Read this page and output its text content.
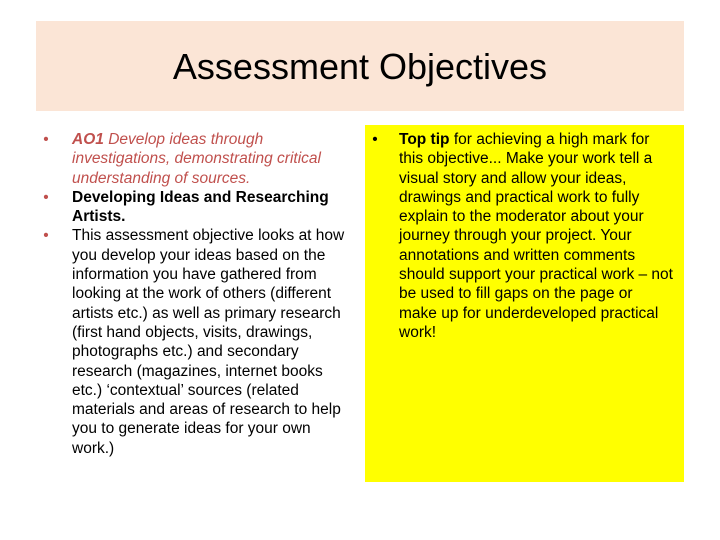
Assessment Objectives
•	AO1 Develop ideas through investigations, demonstrating critical understanding of sources.
•	Developing Ideas and Researching Artists.
•	This assessment objective looks at how you develop your ideas based on the information you have gathered from looking at the work of others (different artists etc.) as well as primary research (first hand objects, visits, drawings, photographs etc.) and secondary research (magazines, internet books etc.) ‘contextual’ sources (related materials and areas of research to help you to generate ideas for your own work.)
•	Top tip for achieving a high mark for this objective... Make your work tell a visual story and allow your ideas, drawings and practical work to fully explain to the moderator about your journey through your project. Your annotations and written comments should support your practical work – not be used to fill gaps on the page or make up for underdeveloped practical work!
